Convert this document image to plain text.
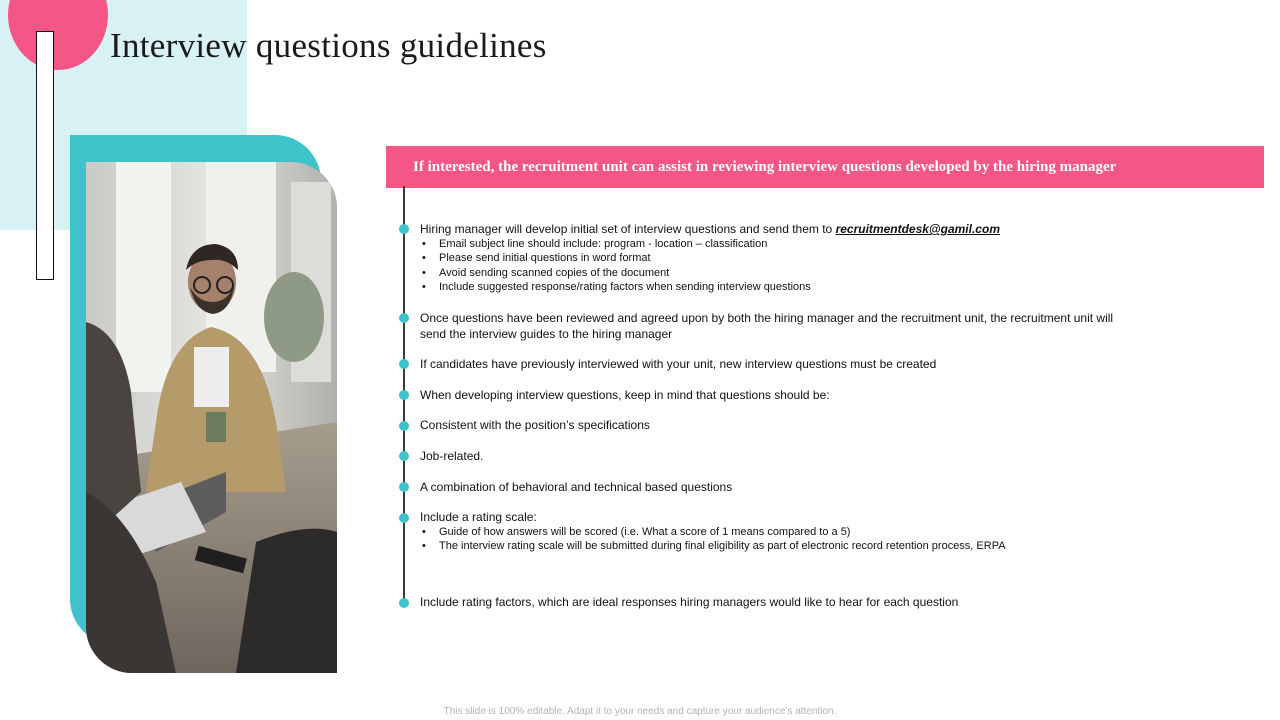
Interview questions guidelines
If interested, the recruitment unit can assist in reviewing interview questions developed by the hiring manager

Hiring manager will develop initial set of interview questions and send them to recruitmentdesk@gamil.com

• Email subject line should include: program - location – classification
• Please send initial questions in word format
• Avoid sending scanned copies of the document
• Include suggested response/rating factors when sending interview questions

Once questions have been reviewed and agreed upon by both the hiring manager and the recruitment unit, the recruitment unit will send the interview guides to the hiring manager

If candidates have previously interviewed with your unit, new interview questions must be created

When developing interview questions, keep in mind that questions should be:

Consistent with the position’s specifications

Job-related.

A combination of behavioral and technical based questions

Include a rating scale:

• Guide of how answers will be scored (i.e. What a score of 1 means compared to a 5)
• The interview rating scale will be submitted during final eligibility as part of electronic record retention process, ERPA

Include rating factors, which are ideal responses hiring managers would like to hear for each question

This slide is 100% editable. Adapt it to your needs and capture your audience's attention.
